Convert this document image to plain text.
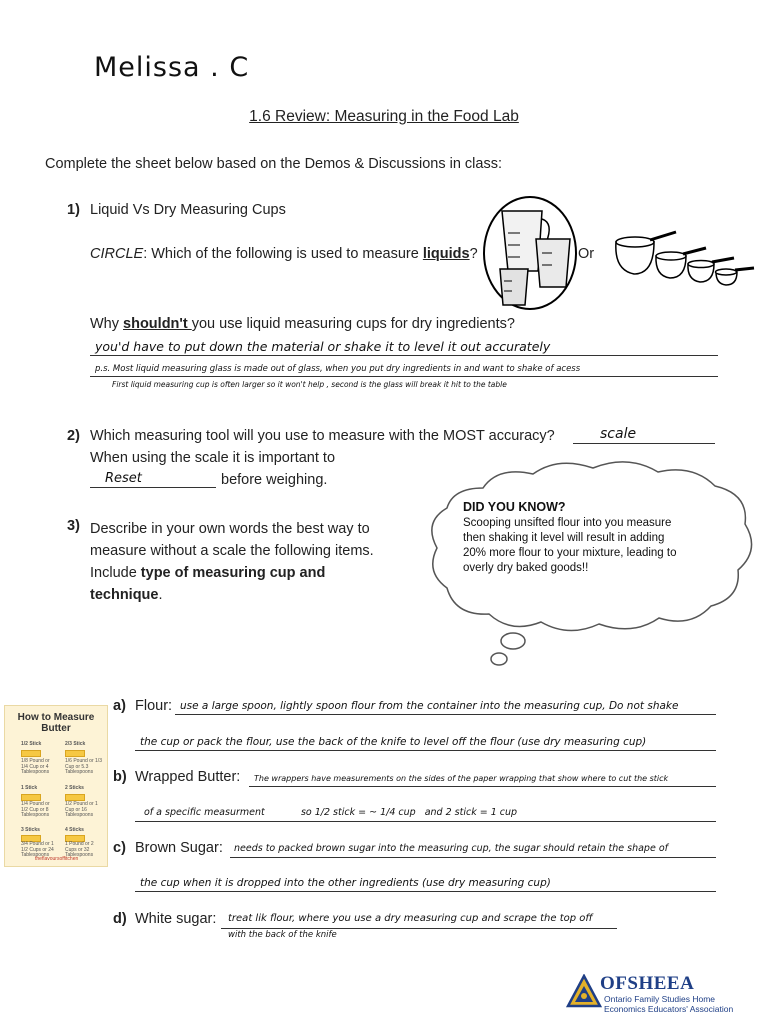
Melissa . C
1.6 Review: Measuring in the Food Lab
Complete the sheet below based on the Demos & Discussions in class:
1) Liquid Vs Dry Measuring Cups
CIRCLE: Which of the following is used to measure liquids?	Or
Why shouldn't you use liquid measuring cups for dry ingredients?
you'd have to put down the material or shake it to level it out accurately
p.s. Most liquid measuring glass is made out of glass, when you put dry ingredients in and want to shake of acess
First liquid measuring cup is often larger so it won't help , second is the glass will break it hit to the table
2) Which measuring tool will you use to measure with the MOST accuracy?	scale
When using the scale it is important to
Reset	before weighing.
DID YOU KNOW?
Scooping unsifted flour into you measure then shaking it level will result in adding 20% more flour to your mixture, leading to overly dry baked goods!!
3) Describe in your own words the best way to measure without a scale the following items. Include type of measuring cup and technique.
How to Measure Butter
1/2 Stick
1/8 Pound or 1/4 Cup or 4 Tablespoons
2/3 Stick
1/6 Pound or 1/3 Cup or 5.3 Tablespoons
1 Stick
1/4 Pound or 1/2 Cup or 8 Tablespoons
2 Sticks
1/2 Pound or 1 Cup or 16 Tablespoons
3 Sticks
3/4 Pound or 1 1/2 Cups or 24 Tablespoons
4 Sticks
1 Pound or 2 Cups or 32 Tablespoons
theflavoursoffitchen
a) Flour: use a large spoon, lightly spoon flour from the container into the measuring cup, Do not shake
the cup or pack the flour, use the back of the knife to level off the flour (use dry measuring cup)
b) Wrapped Butter: The wrappers have measurements on the sides of the paper wrapping that show where to cut the stick
of a specific measurment            so 1/2 stick = ~ 1/4 cup   and 2 stick = 1 cup
c) Brown Sugar: needs to packed brown sugar into the measuring cup, the sugar should retain the shape of
the cup when it is dropped into the other ingredients (use dry measuring cup)
d) White sugar: treat lik flour, where you use a dry measuring cup and scrape the top off
with the back of the knife
OFSHEEA
Ontario Family Studies Home
Economics Educators' Association
